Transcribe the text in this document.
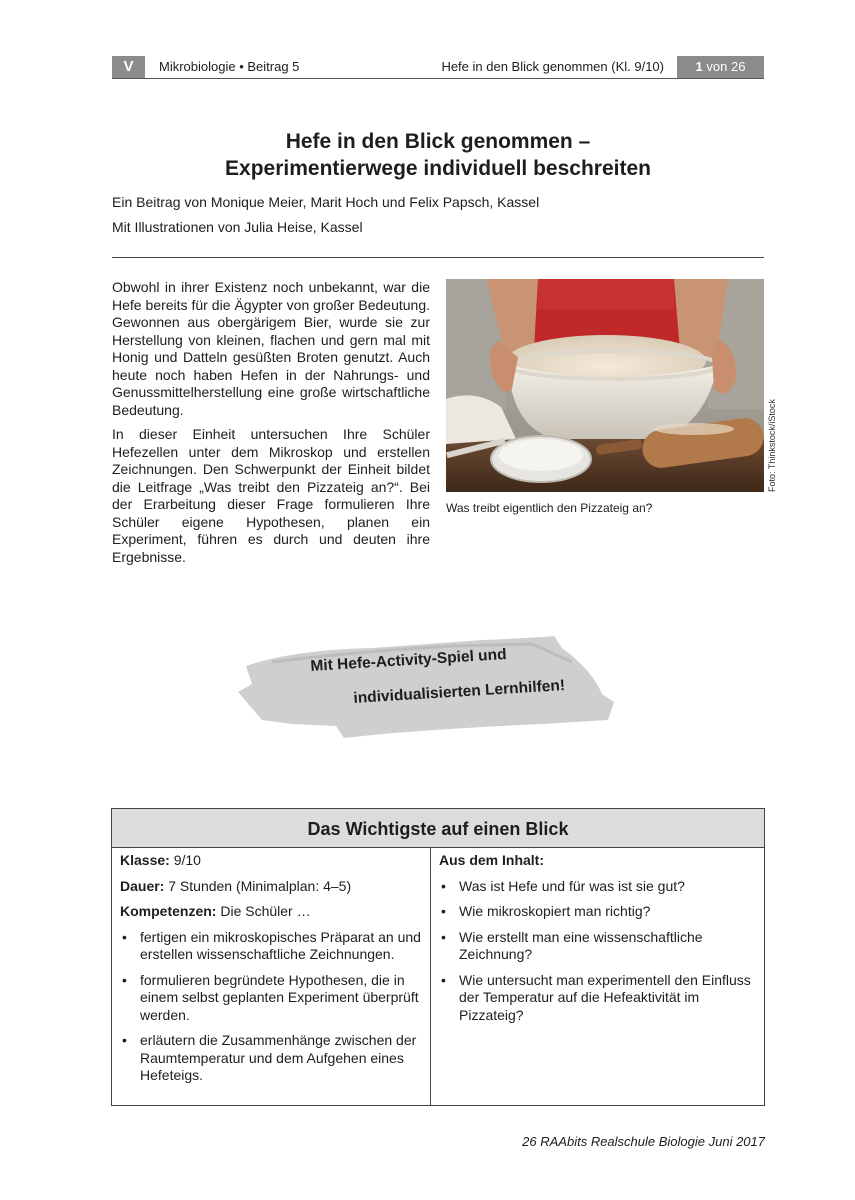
V	Mikrobiologie • Beitrag 5	Hefe in den Blick genommen (Kl. 9/10)	1 von 26
Hefe in den Blick genommen –
Experimentierwege individuell beschreiten
Ein Beitrag von Monique Meier, Marit Hoch und Felix Papsch, Kassel
Mit Illustrationen von Julia Heise, Kassel

Obwohl in ihrer Existenz noch unbekannt, war die Hefe bereits für die Ägypter von großer Bedeutung. Gewonnen aus obergärigem Bier, wurde sie zur Herstellung von kleinen, flachen und gern mal mit Honig und Datteln gesüßten Broten genutzt. Auch heute noch haben Hefen in der Nahrungs- und Genussmittelherstellung eine große wirtschaftliche Bedeutung.

In dieser Einheit untersuchen Ihre Schüler Hefezellen unter dem Mikroskop und erstellen Zeichnungen. Den Schwerpunkt der Einheit bildet die Leitfrage „Was treibt den Pizzateig an?“. Bei der Erarbeitung dieser Frage formulieren Ihre Schüler eigene Hypothesen, planen ein Experiment, führen es durch und deuten ihre Ergebnisse.

Foto: Thinkstock/iStock
Was treibt eigentlich den Pizzateig an?
Mit Hefe-Activity-Spiel und
individualisierten Lernhilfen!
Das Wichtigste auf einen Blick

Klasse: 9/10

Dauer: 7 Stunden (Minimalplan: 4–5)

Kompetenzen: Die Schüler …

• fertigen ein mikroskopisches Präparat an und erstellen wissenschaftliche Zeichnungen.
• formulieren begründete Hypothesen, die in einem selbst geplanten Experiment überprüft werden.
• erläutern die Zusammenhänge zwischen der Raumtemperatur und dem Aufgehen eines Hefeteigs.

Aus dem Inhalt:

• Was ist Hefe und für was ist sie gut?
• Wie mikroskopiert man richtig?
• Wie erstellt man eine wissenschaftliche Zeichnung?
• Wie untersucht man experimentell den Einfluss der Temperatur auf die Hefeaktivität im Pizzateig?
26 RAAbits Realschule Biologie Juni 2017
